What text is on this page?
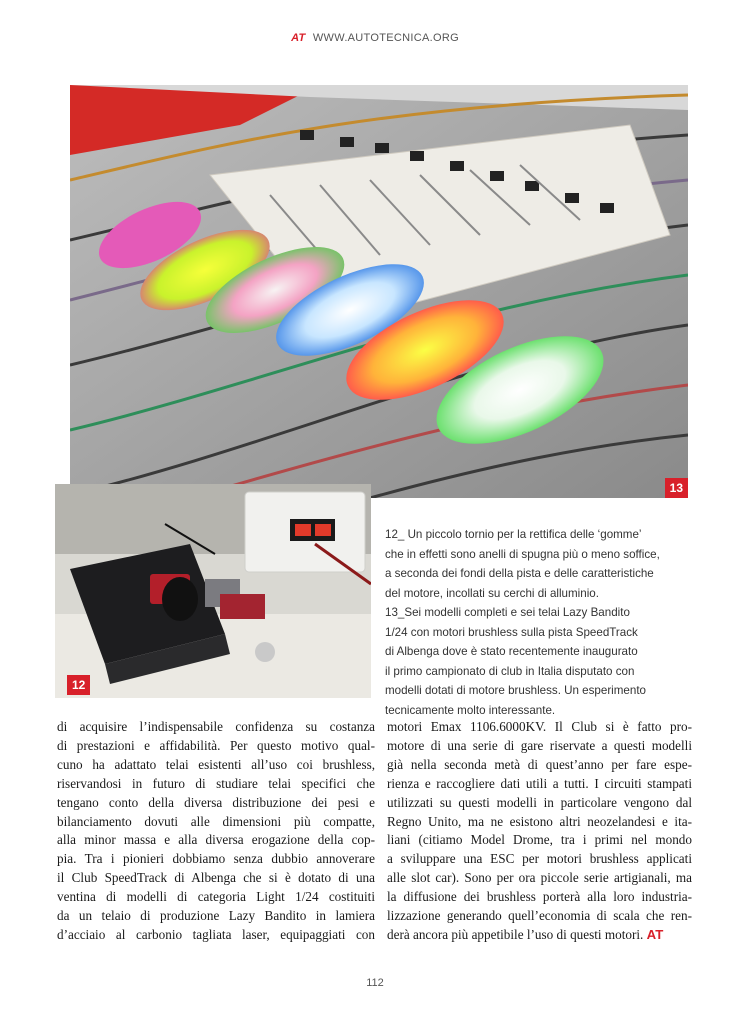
AT WWW.AUTOTECNICA.ORG
13
12
12_ Un piccolo tornio per la rettifica delle ‘gomme’
che in effetti sono anelli di spugna più o meno soffice,
a seconda dei fondi della pista e delle caratteristiche
del motore, incollati su cerchi di alluminio.
13_Sei modelli completi e sei telai Lazy Bandito
1/24 con motori brushless sulla pista SpeedTrack
di Albenga dove è stato recentemente inaugurato
il primo campionato di club in Italia disputato con
modelli dotati di motore brushless. Un esperimento
tecnicamente molto interessante.
di acquisire l’indispensabile confidenza su costanza
di prestazioni e affidabilità. Per questo motivo qual-
cuno ha adattato telai esistenti all’uso coi brushless,
riservandosi in futuro di studiare telai specifici che
tengano conto della diversa distribuzione dei pesi e
bilanciamento dovuti alle dimensioni più compatte,
alla minor massa e alla diversa erogazione della cop-
pia. Tra i pionieri dobbiamo senza dubbio annoverare
il Club SpeedTrack di Albenga che si è dotato di una
ventina di modelli di categoria Light 1/24 costituiti
da un telaio di produzione Lazy Bandito in lamiera
d’acciaio al carbonio tagliata laser, equipaggiati con
motori Emax 1106.6000KV. Il Club si è fatto pro-
motore di una serie di gare riservate a questi modelli
già nella seconda metà di quest’anno per fare espe-
rienza e raccogliere dati utili a tutti. I circuiti stampati
utilizzati su questi modelli in particolare vengono dal
Regno Unito, ma ne esistono altri neozelandesi e ita-
liani (citiamo Model Drome, tra i primi nel mondo
a sviluppare una ESC per motori brushless applicati
alle slot car). Sono per ora piccole serie artigianali, ma
la diffusione dei brushless porterà alla loro industria-
lizzazione generando quell’economia di scala che ren-
derà ancora più appetibile l’uso di questi motori. AT
112
